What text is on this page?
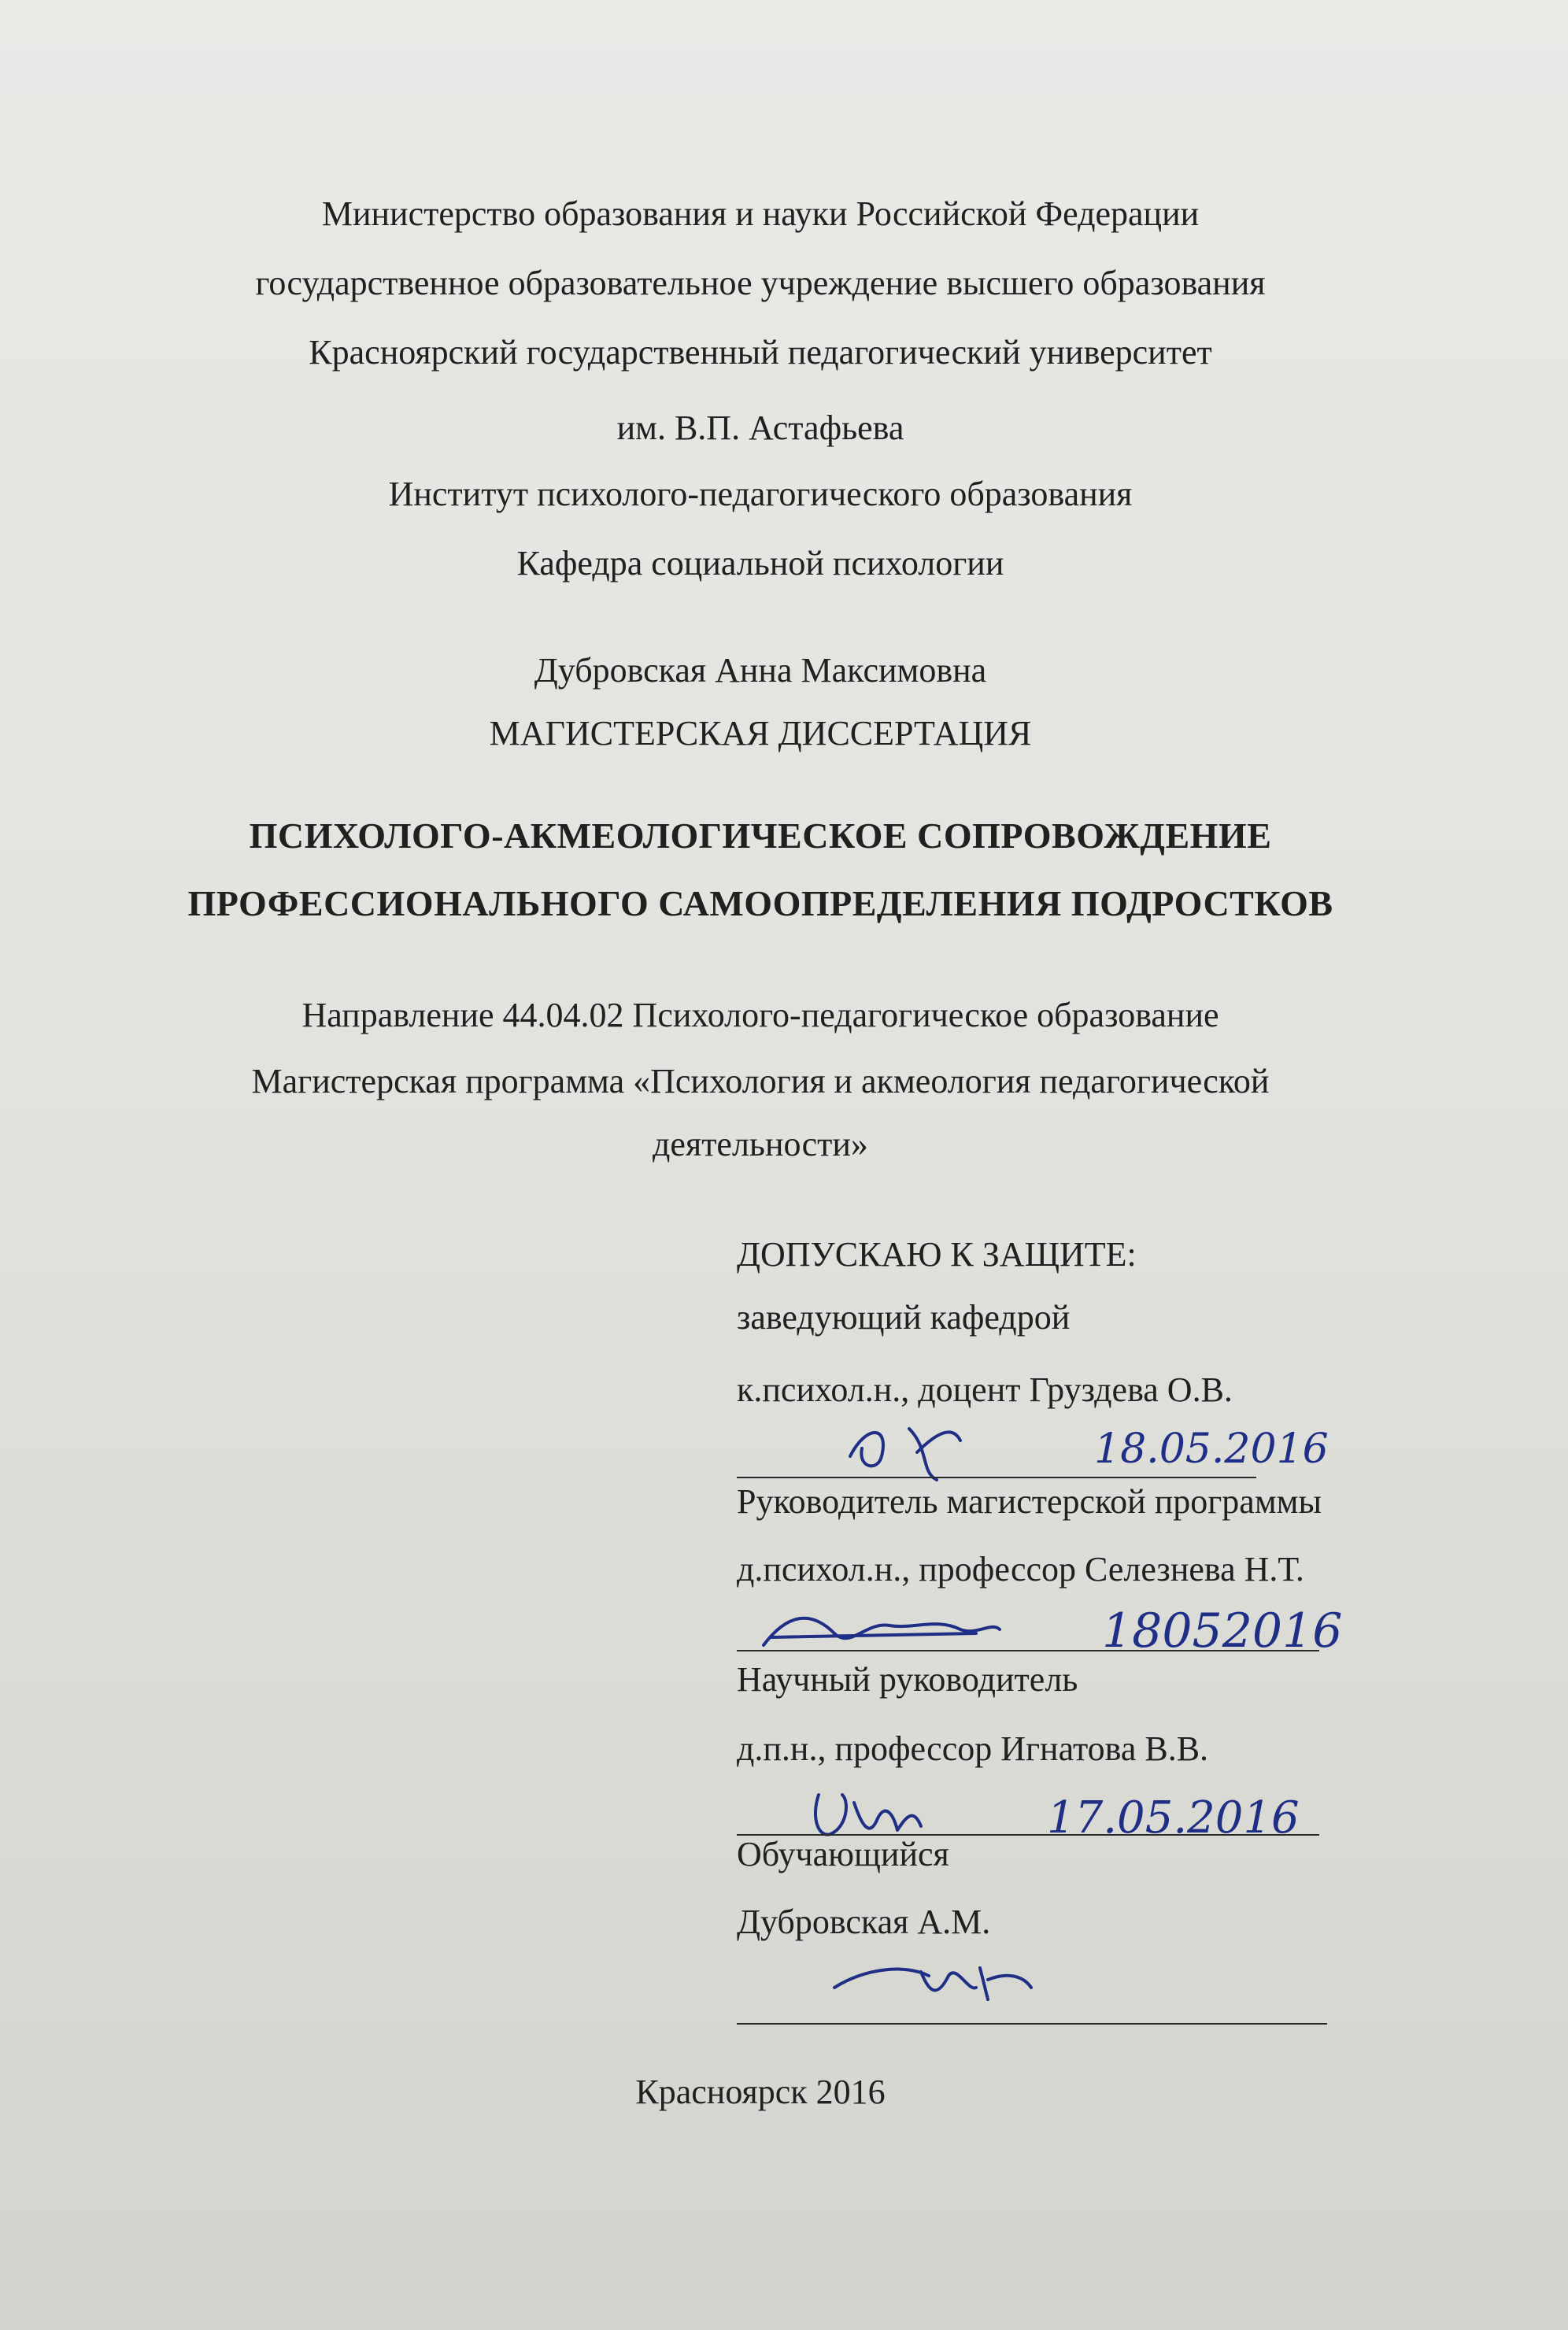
Министерство образования и науки Российской Федерации
государственное образовательное учреждение высшего образования
Красноярский государственный педагогический университет
им. В.П. Астафьева
Институт психолого-педагогического образования
Кафедра социальной психологии
Дубровская Анна Максимовна
МАГИСТЕРСКАЯ ДИССЕРТАЦИЯ
ПСИХОЛОГО-АКМЕОЛОГИЧЕСКОЕ СОПРОВОЖДЕНИЕ
ПРОФЕССИОНАЛЬНОГО САМООПРЕДЕЛЕНИЯ ПОДРОСТКОВ
Направление 44.04.02 Психолого-педагогическое образование
Магистерская программа «Психология и акмеология педагогической
деятельности»
ДОПУСКАЮ К ЗАЩИТЕ:
заведующий кафедрой
к.психол.н., доцент Груздева О.В.
18.05.2016
Руководитель магистерской программы
д.психол.н., профессор Селезнева Н.Т.
18052016
Научный руководитель
д.п.н., профессор Игнатова В.В.
17.05.2016
Обучающийся
Дубровская А.М.
Красноярск 2016
